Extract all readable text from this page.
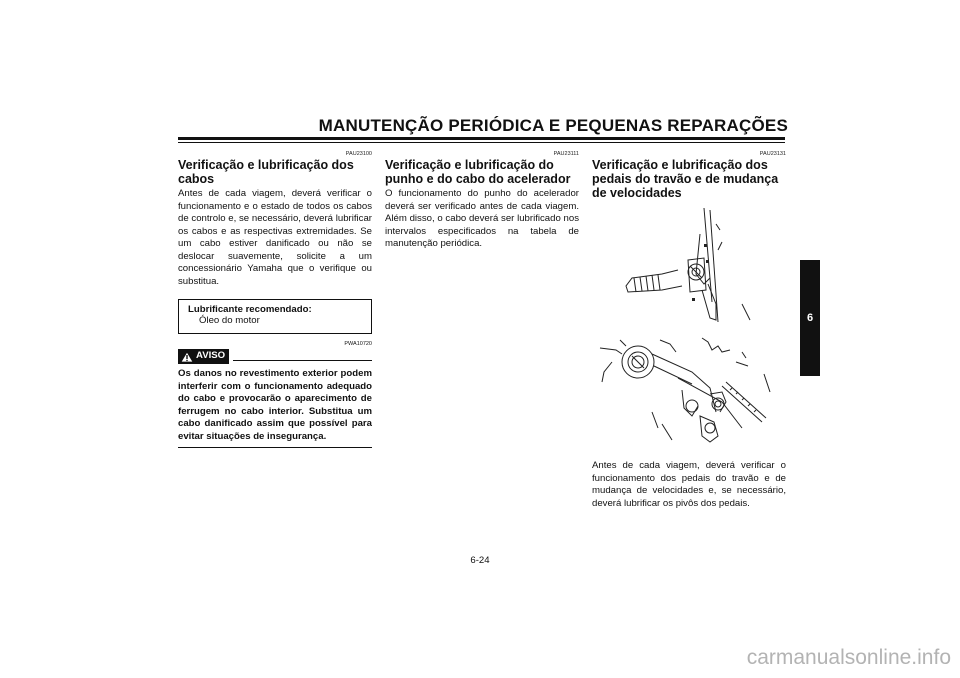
MANUTENÇÃO PERIÓDICA E PEQUENAS REPARAÇÕES
PAU23100
Verificação e lubrificação dos cabos

Antes de cada viagem, deverá verificar o funcionamento e o estado de todos os cabos de controlo e, se necessário, deverá lubrificar os cabos e as respectivas extremidades. Se um cabo estiver danificado ou não se deslocar suavemente, solicite a um concessionário Yamaha que o verifique ou substitua.

Lubrificante recomendado:
Óleo do motor
PWA10720
AVISO
Os danos no revestimento exterior podem interferir com o funcionamento adequado do cabo e provocarão o aparecimento de ferrugem no cabo interior. Substitua um cabo danificado assim que possível para evitar situações de insegurança.
PAU23111
Verificação e lubrificação do punho e do cabo do acelerador

O funcionamento do punho do acelerador deverá ser verificado antes de cada viagem. Além disso, o cabo deverá ser lubrificado nos intervalos especificados na tabela de manutenção periódica.

PAU23131
Verificação e lubrificação dos pedais do travão e de mudança de velocidades

Antes de cada viagem, deverá verificar o funcionamento dos pedais do travão e de mudança de velocidades e, se necessário, deverá lubrificar os pivôs dos pedais.

6
6-24
carmanualsonline.info
